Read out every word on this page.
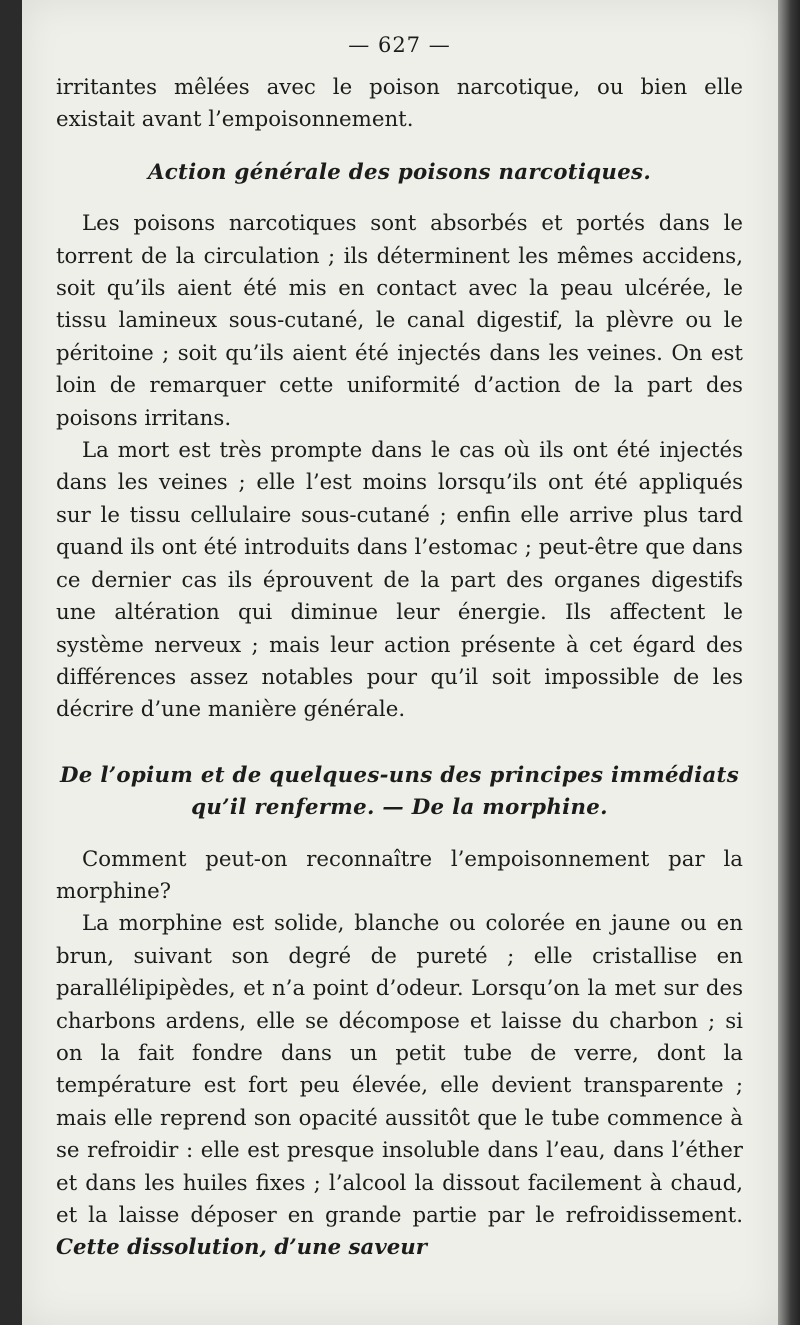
— 627 —

irritantes mêlées avec le poison narcotique, ou bien elle existait avant l’empoisonnement.

Action générale des poisons narcotiques.

Les poisons narcotiques sont absorbés et portés dans le torrent de la circulation ; ils déterminent les mêmes accidens, soit qu’ils aient été mis en contact avec la peau ulcérée, le tissu lamineux sous-cutané, le canal digestif, la plèvre ou le péritoine ; soit qu’ils aient été injectés dans les veines. On est loin de remarquer cette uniformité d’action de la part des poisons irritans.

La mort est très prompte dans le cas où ils ont été injectés dans les veines ; elle l’est moins lorsqu’ils ont été appliqués sur le tissu cellulaire sous-cutané ; enfin elle arrive plus tard quand ils ont été introduits dans l’estomac ; peut-être que dans ce dernier cas ils éprouvent de la part des organes digestifs une altération qui diminue leur énergie. Ils affectent le système nerveux ; mais leur action présente à cet égard des différences assez notables pour qu’il soit impossible de les décrire d’une manière générale.

De l’opium et de quelques-uns des principes immédiats
qu’il renferme. — De la morphine.

Comment peut-on reconnaître l’empoisonnement par la morphine?

La morphine est solide, blanche ou colorée en jaune ou en brun, suivant son degré de pureté ; elle cristallise en parallélipipèdes, et n’a point d’odeur. Lorsqu’on la met sur des charbons ardens, elle se décompose et laisse du charbon ; si on la fait fondre dans un petit tube de verre, dont la température est fort peu élevée, elle devient transparente ; mais elle reprend son opacité aussitôt que le tube commence à se refroidir : elle est presque insoluble dans l’eau, dans l’éther et dans les huiles fixes ; l’alcool la dissout facilement à chaud, et la laisse déposer en grande partie par le refroidissement. Cette dissolution, d’une saveur
